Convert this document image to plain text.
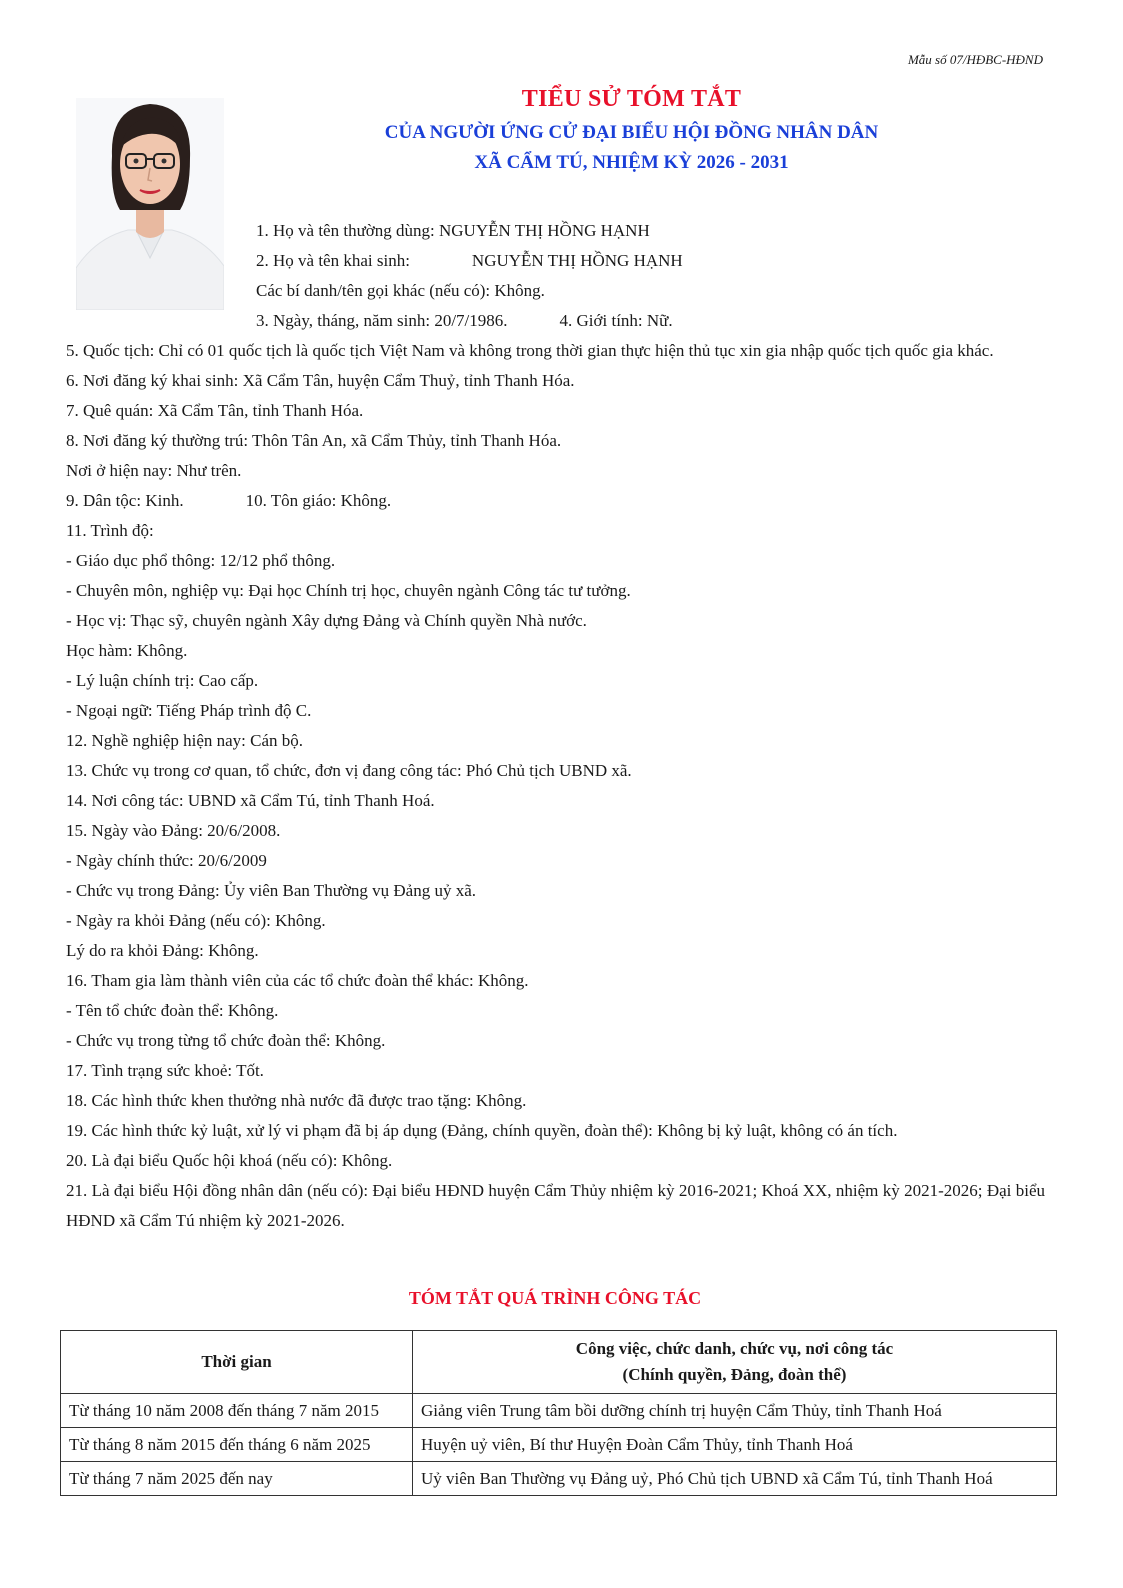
Mẫu số 07/HĐBC-HĐND
TIỂU SỬ TÓM TẮT
CỦA NGƯỜI ỨNG CỬ ĐẠI BIỂU HỘI ĐỒNG NHÂN DÂN
XÃ CẨM TÚ, NHIỆM KỲ 2026 - 2031
1. Họ và tên thường dùng: NGUYỄN THỊ HỒNG HẠNH
2. Họ và tên khai sinh:	NGUYỄN THỊ HỒNG HẠNH
Các bí danh/tên gọi khác (nếu có): Không.
3. Ngày, tháng, năm sinh: 20/7/1986.	4. Giới tính: Nữ.
5. Quốc tịch: Chỉ có 01 quốc tịch là quốc tịch Việt Nam và không trong thời gian thực hiện thủ tục xin gia nhập quốc tịch quốc gia khác.
6. Nơi đăng ký khai sinh: Xã Cẩm Tân, huyện Cẩm Thuỷ, tỉnh Thanh Hóa.
7. Quê quán: Xã Cẩm Tân, tỉnh Thanh Hóa.
8. Nơi đăng ký thường trú: Thôn Tân An, xã Cẩm Thủy, tỉnh Thanh Hóa.
Nơi ở hiện nay: Như trên.
9. Dân tộc: Kinh.	10. Tôn giáo: Không.
11. Trình độ:
- Giáo dục phổ thông: 12/12 phổ thông.
- Chuyên môn, nghiệp vụ: Đại học Chính trị học, chuyên ngành Công tác tư tưởng.
- Học vị: Thạc sỹ, chuyên ngành Xây dựng Đảng và Chính quyền Nhà nước.
Học hàm: Không.
- Lý luận chính trị: Cao cấp.
- Ngoại ngữ: Tiếng Pháp trình độ C.
12. Nghề nghiệp hiện nay: Cán bộ.
13. Chức vụ trong cơ quan, tổ chức, đơn vị đang công tác: Phó Chủ tịch UBND xã.
14. Nơi công tác: UBND xã Cẩm Tú, tỉnh Thanh Hoá.
15. Ngày vào Đảng: 20/6/2008.
- Ngày chính thức: 20/6/2009
- Chức vụ trong Đảng: Ủy viên Ban Thường vụ Đảng uỷ xã.
- Ngày ra khỏi Đảng (nếu có): Không.
Lý do ra khỏi Đảng: Không.
16. Tham gia làm thành viên của các tổ chức đoàn thể khác: Không.
- Tên tổ chức đoàn thể: Không.
- Chức vụ trong từng tổ chức đoàn thể: Không.
17. Tình trạng sức khoẻ: Tốt.
18. Các hình thức khen thưởng nhà nước đã được trao tặng: Không.
19. Các hình thức kỷ luật, xử lý vi phạm đã bị áp dụng (Đảng, chính quyền, đoàn thể): Không bị kỷ luật, không có án tích.
20. Là đại biểu Quốc hội khoá (nếu có): Không.
21. Là đại biểu Hội đồng nhân dân (nếu có): Đại biểu HĐND huyện Cẩm Thủy nhiệm kỳ 2016-2021; Khoá XX, nhiệm kỳ 2021-2026; Đại biểu HĐND xã Cẩm Tú nhiệm kỳ 2021-2026.
TÓM TẮT QUÁ TRÌNH CÔNG TÁC
Thời gian	Công việc, chức danh, chức vụ, nơi công tác
(Chính quyền, Đảng, đoàn thể)

Từ tháng 10 năm 2008 đến tháng 7 năm 2015	Giảng viên Trung tâm bồi dưỡng chính trị huyện Cẩm Thủy, tỉnh Thanh Hoá
Từ tháng 8 năm 2015 đến tháng 6 năm 2025	Huyện uỷ viên, Bí thư Huyện Đoàn Cẩm Thủy, tỉnh Thanh Hoá
Từ tháng 7 năm 2025 đến nay	Uỷ viên Ban Thường vụ Đảng uỷ, Phó Chủ tịch UBND xã Cẩm Tú, tỉnh Thanh Hoá
